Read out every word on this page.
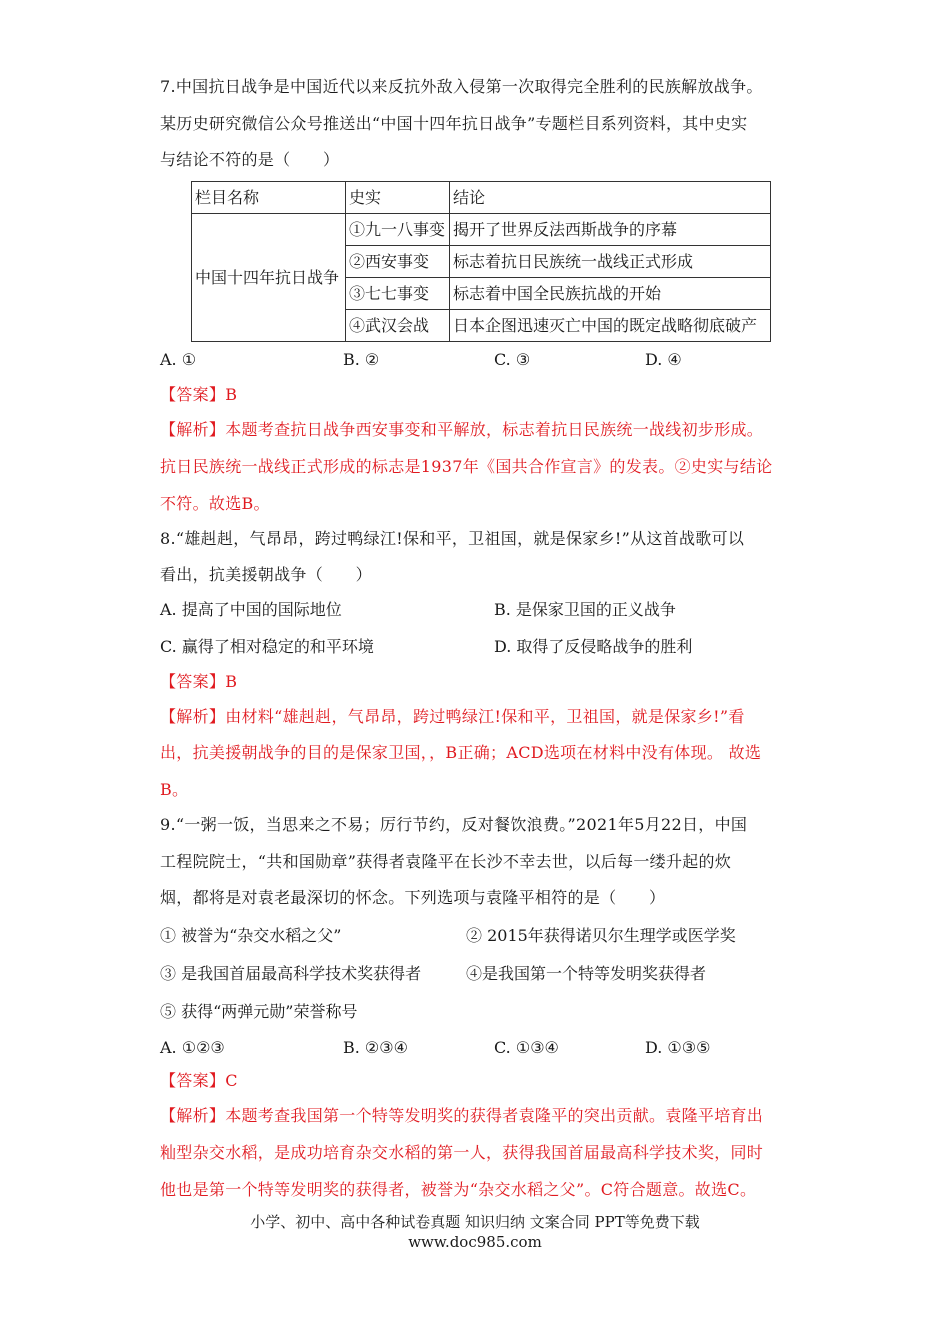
7.中国抗日战争是中国近代以来反抗外敌入侵第一次取得完全胜利的民族解放战争。
某历史研究微信公众号推送出“中国十四年抗日战争”专题栏目系列资料，其中史实
与结论不符的是（　　）
栏目名称	史实	结论
中国十四年抗日战争	①九一八事变	揭开了世界反法西斯战争的序幕
	②西安事变	标志着抗日民族统一战线正式形成
	③七七事变	标志着中国全民族抗战的开始
	④武汉会战	日本企图迅速灭亡中国的既定战略彻底破产
A. ①	B. ②	C. ③	D. ④
【答案】B
【解析】本题考查抗日战争西安事变和平解放，标志着抗日民族统一战线初步形成。
抗日民族统一战线正式形成的标志是1937年《国共合作宣言》的发表。②史实与结论
不符。故选B。
8.“雄赳赳，气昂昂，跨过鸭绿江!保和平，卫祖国，就是保家乡!”从这首战歌可以
看出，抗美援朝战争（　　）
A. 提高了中国的国际地位	B. 是保家卫国的正义战争
C. 赢得了相对稳定的和平环境	D. 取得了反侵略战争的胜利
【答案】B
【解析】由材料“雄赳赳，气昂昂，跨过鸭绿江!保和平，卫祖国，就是保家乡!”看
出，抗美援朝战争的目的是保家卫国，，B正确；ACD选项在材料中没有体现。 故选
B。
9.“一粥一饭，当思来之不易；厉行节约，反对餐饮浪费。”2021年5月22日，中国
工程院院士，“共和国勋章”获得者袁隆平在长沙不幸去世，以后每一缕升起的炊
烟，都将是对袁老最深切的怀念。下列选项与袁隆平相符的是（　　）
① 被誉为“杂交水稻之父”	② 2015年获得诺贝尔生理学或医学奖
③ 是我国首届最高科学技术奖获得者	④是我国第一个特等发明奖获得者
⑤ 获得“两弹元勋”荣誉称号
A. ①②③	B. ②③④	C. ①③④	D. ①③⑤
【答案】C
【解析】本题考查我国第一个特等发明奖的获得者袁隆平的突出贡献。袁隆平培育出
籼型杂交水稻，是成功培育杂交水稻的第一人，获得我国首届最高科学技术奖，同时
他也是第一个特等发明奖的获得者，被誉为“杂交水稻之父”。C符合题意。故选C。
小学、初中、高中各种试卷真题 知识归纳 文案合同 PPT等免费下载
www.doc985.com
